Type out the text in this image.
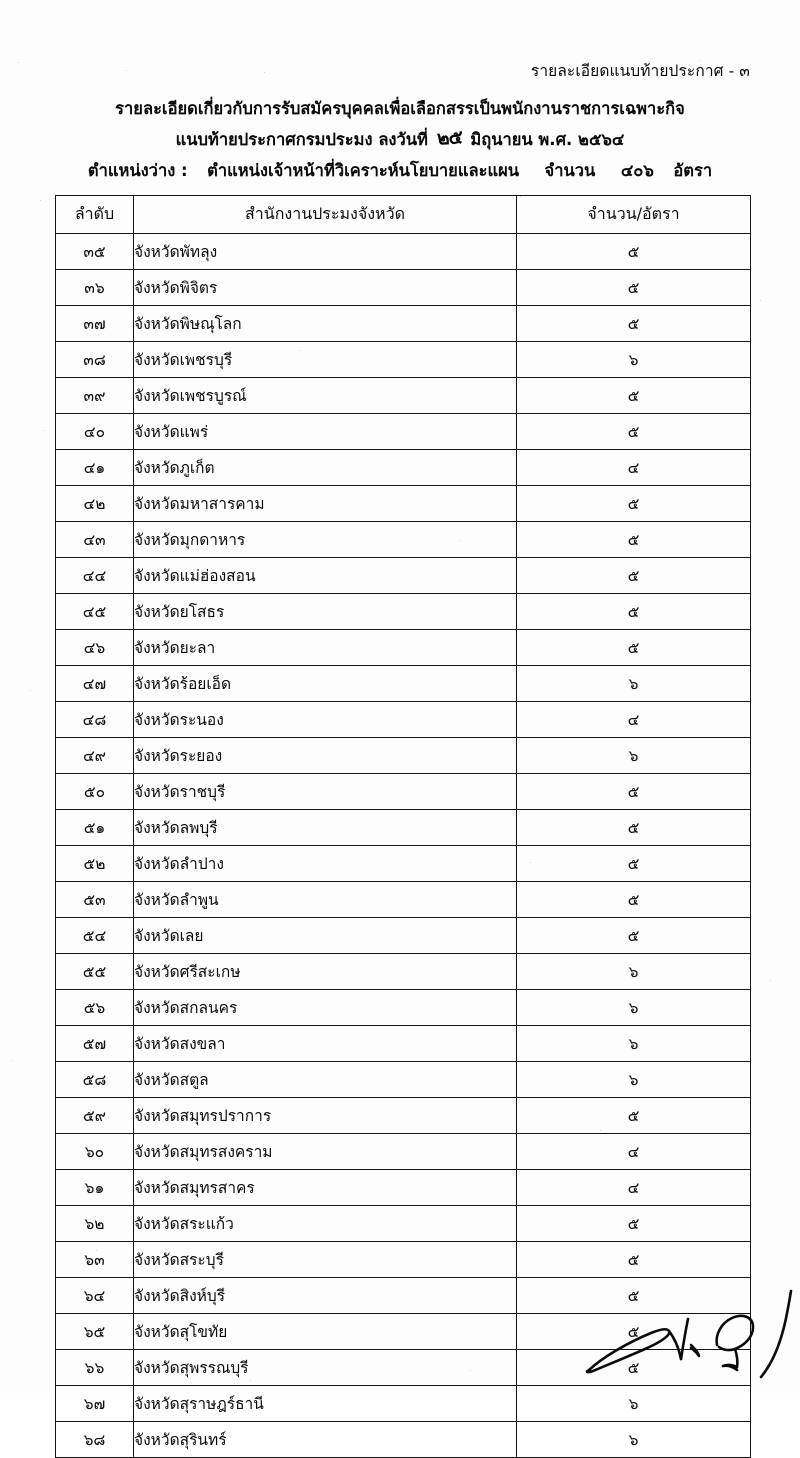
รายละเอียดแนบท้ายประกาศ - ๓
รายละเอียดเกี่ยวกับการรับสมัครบุคคลเพื่อเลือกสรรเป็นพนักงานราชการเฉพาะกิจ
แนบท้ายประกาศกรมประมง ลงวันที่ ๒๕ มิถุนายน พ.ศ. ๒๕๖๔
ตำแหน่งว่าง : ตำแหน่งเจ้าหน้าที่วิเคราะห์นโยบายและแผน จำนวน ๔๐๖ อัตรา
ลำดับ	สำนักงานประมงจังหวัด	จำนวน/อัตรา
๓๕	จังหวัดพัทลุง	๕
๓๖	จังหวัดพิจิตร	๕
๓๗	จังหวัดพิษณุโลก	๕
๓๘	จังหวัดเพชรบุรี	๖
๓๙	จังหวัดเพชรบูรณ์	๕
๔๐	จังหวัดแพร่	๕
๔๑	จังหวัดภูเก็ต	๔
๔๒	จังหวัดมหาสารคาม	๕
๔๓	จังหวัดมุกดาหาร	๕
๔๔	จังหวัดแม่ฮ่องสอน	๕
๔๕	จังหวัดยโสธร	๕
๔๖	จังหวัดยะลา	๕
๔๗	จังหวัดร้อยเอ็ด	๖
๔๘	จังหวัดระนอง	๔
๔๙	จังหวัดระยอง	๖
๕๐	จังหวัดราชบุรี	๕
๕๑	จังหวัดลพบุรี	๕
๕๒	จังหวัดลำปาง	๕
๕๓	จังหวัดลำพูน	๕
๕๔	จังหวัดเลย	๕
๕๕	จังหวัดศรีสะเกษ	๖
๕๖	จังหวัดสกลนคร	๖
๕๗	จังหวัดสงขลา	๖
๕๘	จังหวัดสตูล	๖
๕๙	จังหวัดสมุทรปราการ	๕
๖๐	จังหวัดสมุทรสงคราม	๔
๖๑	จังหวัดสมุทรสาคร	๔
๖๒	จังหวัดสระแก้ว	๕
๖๓	จังหวัดสระบุรี	๕
๖๔	จังหวัดสิงห์บุรี	๕
๖๕	จังหวัดสุโขทัย	๕
๖๖	จังหวัดสุพรรณบุรี	๕
๖๗	จังหวัดสุราษฎร์ธานี	๖
๖๘	จังหวัดสุรินทร์	๖
